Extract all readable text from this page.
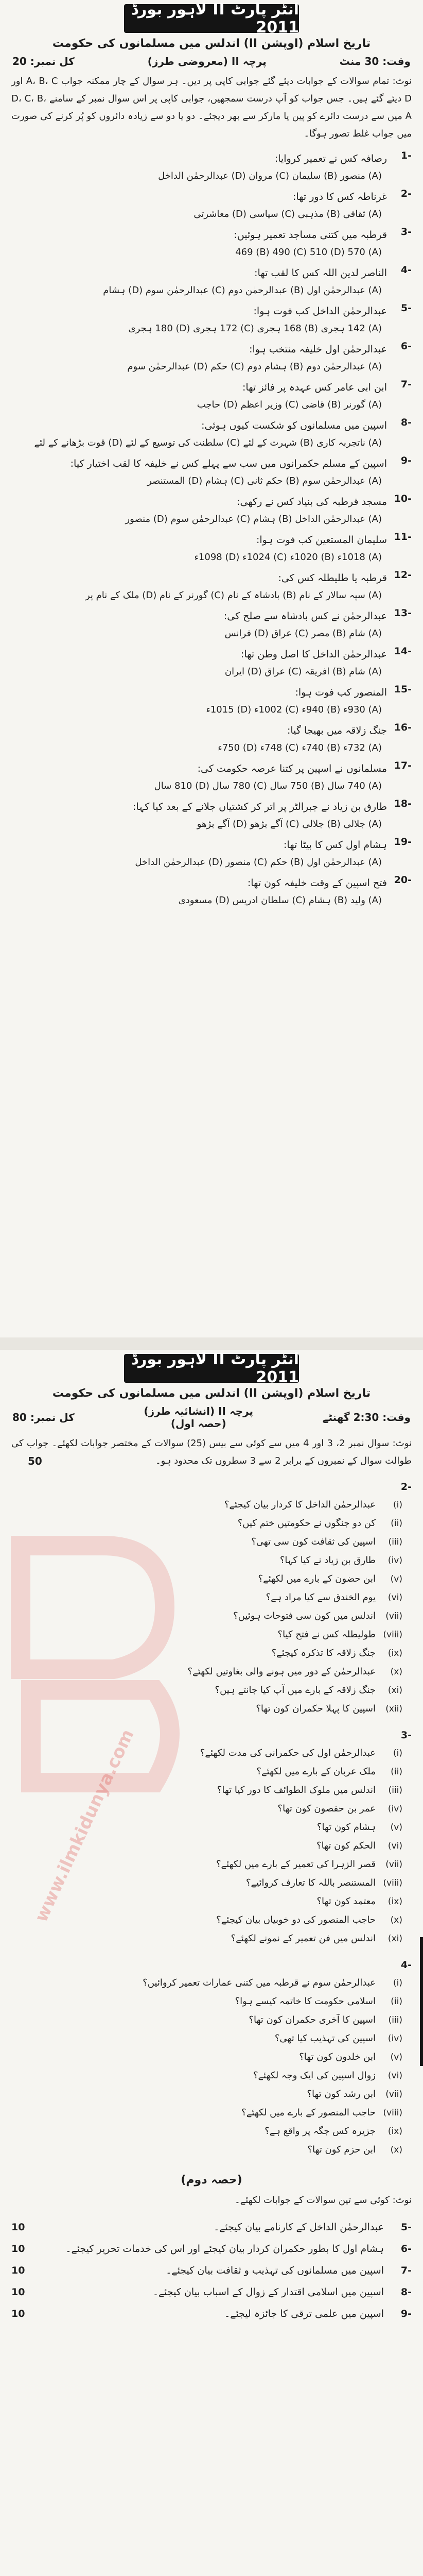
انٹر پارٹ II لاہور بورڈ 2011
تاریخ اسلام (اوپشن II) اندلس میں مسلمانوں کی حکومت
وقت: 30 منٹ
پرچہ II (معروضی طرز)
کل نمبر: 20
نوٹ: تمام سوالات کے جوابات دیئے گئے جوابی کاپی پر دیں۔ ہر سوال کے چار ممکنہ جواب A، B، C اور D دیئے گئے ہیں۔ جس جواب کو آپ درست سمجھیں، جوابی کاپی پر اس سوال نمبر کے سامنے D، C، B، A میں سے درست دائرے کو پین یا مارکر سے بھر دیجئے۔ دو یا دو سے زیادہ دائروں کو پُر کرنے کی صورت میں جواب غلط تصور ہوگا۔
-1
رصافہ کس نے تعمیر کروایا:
(A) منصور (B) سلیمان (C) مروان (D) عبدالرحمٰن الداخل
-2
غرناطہ کس کا دور تھا:
(A) ثقافی (B) مذہبی (C) سیاسی (D) معاشرتی
-3
قرطبہ میں کتنی مساجد تعمیر ہوئیں:
(A) 469 (B) 490 (C) 510 (D) 570
-4
الناصر لدین اللہ کس کا لقب تھا:
(A) عبدالرحمٰن اول (B) عبدالرحمٰن دوم (C) عبدالرحمٰن سوم (D) ہشام
-5
عبدالرحمٰن الداخل کب فوت ہوا:
(A) 142 ہجری (B) 168 ہجری (C) 172 ہجری (D) 180 ہجری
-6
عبدالرحمٰن اول خلیفہ منتخب ہوا:
(A) عبدالرحمٰن دوم (B) ہشام دوم (C) حکم (D) عبدالرحمٰن سوم
-7
ابن ابی عامر کس عہدہ پر فائز تھا:
(A) گورنر (B) قاضی (C) وزیر اعظم (D) حاجب
-8
اسپین میں مسلمانوں کو شکست کیوں ہوئی:
(A) ناتجربہ کاری (B) شہرت کے لئے (C) سلطنت کی توسیع کے لئے (D) قوت بڑھانے کے لئے
-9
اسپین کے مسلم حکمرانوں میں سب سے پہلے کس نے خلیفہ کا لقب اختیار کیا:
(A) عبدالرحمٰن سوم (B) حکم ثانی (C) ہشام (D) المستنصر
-10
مسجد قرطبہ کی بنیاد کس نے رکھی:
(A) عبدالرحمٰن الداخل (B) ہشام (C) عبدالرحمٰن سوم (D) منصور
-11
سلیمان المستعین کب فوت ہوا:
(A) 1018ء (B) 1020ء (C) 1024ء (D) 1098ء
-12
قرطبہ یا طلیطلہ کس کی:
(A) سپہ سالار کے نام (B) بادشاہ کے نام (C) گورنر کے نام (D) ملک کے نام پر
-13
عبدالرحمٰن نے کس بادشاہ سے صلح کی:
(A) شام (B) مصر (C) عراق (D) فرانس
-14
عبدالرحمٰن الداخل کا اصل وطن تھا:
(A) شام (B) افریقہ (C) عراق (D) ایران
-15
المنصور کب فوت ہوا:
(A) 930ء (B) 940ء (C) 1002ء (D) 1015ء
-16
جنگ زلاقہ میں بھیجا گیا:
(A) 732ء (B) 740ء (C) 748ء (D) 750ء
-17
مسلمانوں نے اسپین پر کتنا عرصہ حکومت کی:
(A) 740 سال (B) 750 سال (C) 780 سال (D) 810 سال
-18
طارق بن زیاد نے جبرالٹر پر اتر کر کشتیاں جلانے کے بعد کیا کہا:
(A) جلالی (B) جلالی (C) آگے بڑھو (D) آگے بڑھو
-19
ہشام اول کس کا بیٹا تھا:
(A) عبدالرحمٰن اول (B) حکم (C) منصور (D) عبدالرحمٰن الداخل
-20
فتح اسپین کے وقت خلیفہ کون تھا:
(A) ولید (B) ہشام (C) سلطان ادریس (D) مسعودی
انٹر پارٹ II لاہور بورڈ 2011
تاریخ اسلام (اوپشن II) اندلس میں مسلمانوں کی حکومت
وقت: 2:30 گھنٹے
پرچہ II (انشائیہ طرز)
(حصہ اول)
کل نمبر: 80
نوٹ: سوال نمبر 2، 3 اور 4 میں سے کوئی سے بیس (25) سوالات کے مختصر جوابات لکھئے۔ جواب کی طوالت سوال کے نمبروں کے برابر 2 سے 3 سطروں تک محدود ہو۔
50
-2
(i)
عبدالرحمٰن الداخل کا کردار بیان کیجئے؟
(ii)
کن دو جنگوں نے حکومتیں ختم کیں؟
(iii)
اسپین کی ثقافت کون سی تھی؟
(iv)
طارق بن زیاد نے کیا کہا؟
(v)
ابن حضون کے بارے میں لکھئے؟
(vi)
یوم الخندق سے کیا مراد ہے؟
(vii)
اندلس میں کون سی فتوحات ہوئیں؟
(viii)
طولیطلہ کس نے فتح کیا؟
(ix)
جنگ زلاقہ کا تذکرہ کیجئے؟
(x)
عبدالرحمٰن کے دور میں ہونے والی بغاوتیں لکھئے؟
(xi)
جنگ زلاقہ کے بارے میں آپ کیا جانتے ہیں؟
(xii)
اسپین کا پہلا حکمران کون تھا؟
-3
(i)
عبدالرحمٰن اول کی حکمرانی کی مدت لکھئے؟
(ii)
ملک عربان کے بارے میں لکھئے؟
(iii)
اندلس میں ملوک الطوائف کا دور کیا تھا؟
(iv)
عمر بن حفصون کون تھا؟
(v)
ہشام کون تھا؟
(vi)
الحکم کون تھا؟
(vii)
قصر الزہرا کی تعمیر کے بارے میں لکھئے؟
(viii)
المستنصر باللہ کا تعارف کروائیے؟
(ix)
معتمد کون تھا؟
(x)
حاجب المنصور کی دو خوبیاں بیان کیجئے؟
(xi)
اندلس میں فن تعمیر کے نمونے لکھئے؟
-4
(i)
عبدالرحمٰن سوم نے قرطبہ میں کتنی عمارات تعمیر کروائیں؟
(ii)
اسلامی حکومت کا خاتمہ کیسے ہوا؟
(iii)
اسپین کا آخری حکمران کون تھا؟
(iv)
اسپین کی تہذیب کیا تھی؟
(v)
ابن خلدون کون تھا؟
(vi)
زوال اسپین کی ایک وجہ لکھئے؟
(vii)
ابن رشد کون تھا؟
(viii)
حاجب المنصور کے بارے میں لکھئے؟
(ix)
جزیرہ کس جگہ پر واقع ہے؟
(x)
ابن حزم کون تھا؟
(حصہ دوم)
نوٹ: کوئی سے تین سوالات کے جوابات لکھئے۔
-5
عبدالرحمٰن الداخل کے کارنامے بیان کیجئے۔
10
-6
ہشام اول کا بطور حکمران کردار بیان کیجئے اور اس کی خدمات تحریر کیجئے۔
10
-7
اسپین میں مسلمانوں کی تہذیب و ثقافت بیان کیجئے۔
10
-8
اسپین میں اسلامی اقتدار کے زوال کے اسباب بیان کیجئے۔
10
-9
اسپین میں علمی ترقی کا جائزہ لیجئے۔
10
www.ilmkidunya.com
